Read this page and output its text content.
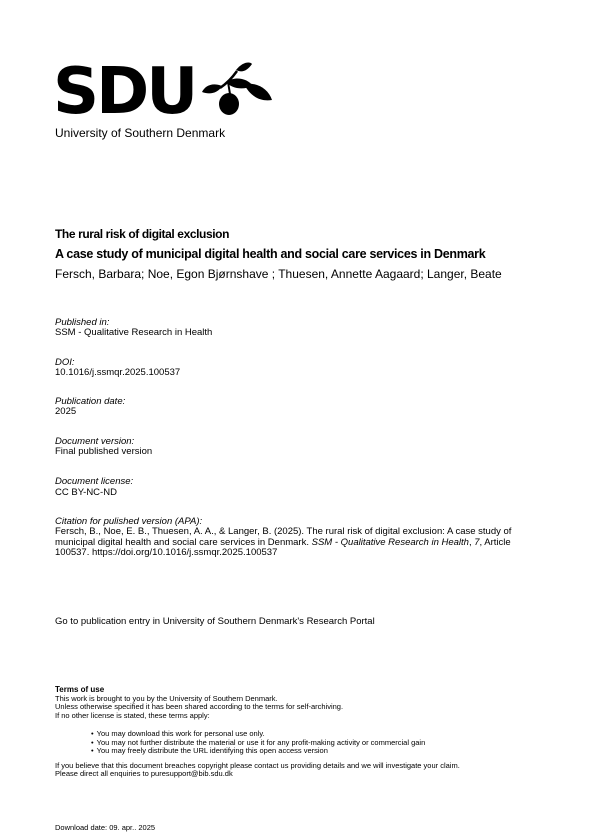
SDU
University of Southern Denmark
The rural risk of digital exclusion
A case study of municipal digital health and social care services in Denmark
Fersch, Barbara; Noe, Egon Bjørnshave ; Thuesen, Annette Aagaard; Langer, Beate
Published in:
SSM - Qualitative Research in Health
DOI:
10.1016/j.ssmqr.2025.100537
Publication date:
2025
Document version:
Final published version
Document license:
CC BY-NC-ND
Citation for pulished version (APA):
Fersch, B., Noe, E. B., Thuesen, A. A., & Langer, B. (2025). The rural risk of digital exclusion: A case study of municipal digital health and social care services in Denmark. SSM - Qualitative Research in Health, 7, Article 100537. https://doi.org/10.1016/j.ssmqr.2025.100537
Go to publication entry in University of Southern Denmark's Research Portal

Terms of use

This work is brought to you by the University of Southern Denmark.

Unless otherwise specified it has been shared according to the terms for self-archiving.

If no other license is stated, these terms apply:

• You may download this work for personal use only.
• You may not further distribute the material or use it for any profit-making activity or commercial gain
• You may freely distribute the URL identifying this open access version

If you believe that this document breaches copyright please contact us providing details and we will investigate your claim.

Please direct all enquiries to puresupport@bib.sdu.dk

Download date: 09. apr.. 2025
